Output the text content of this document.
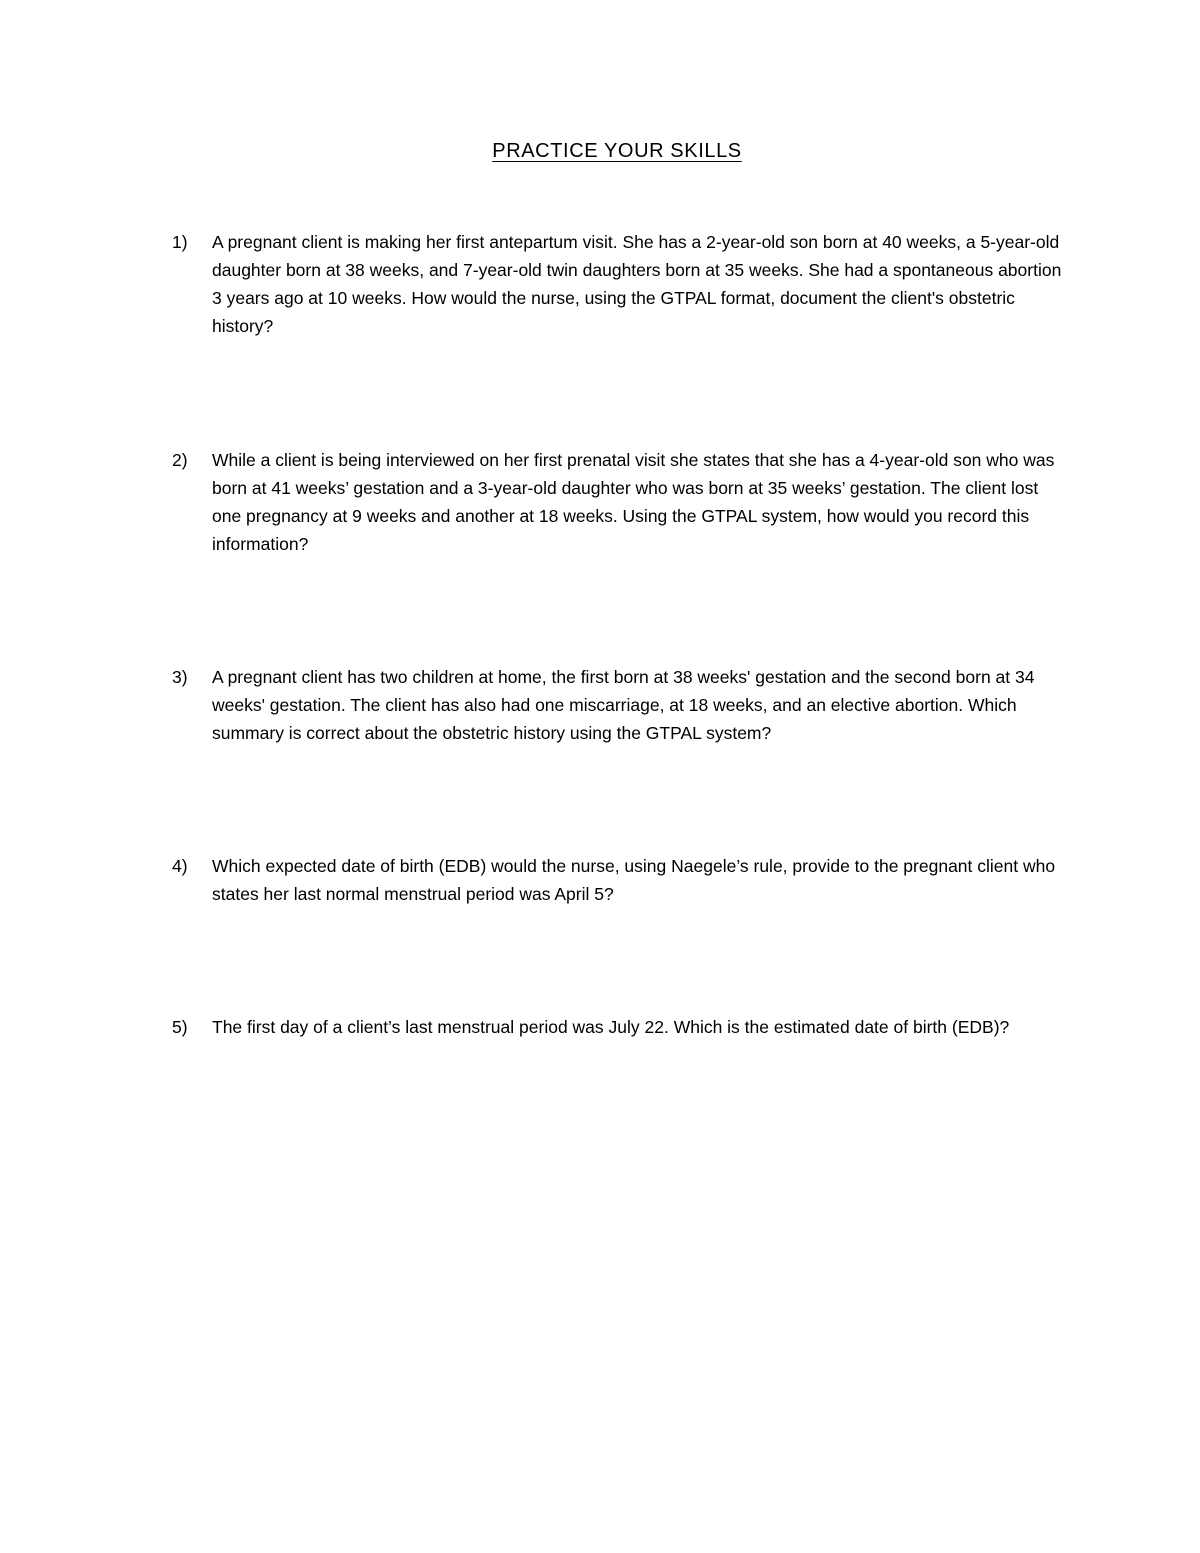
PRACTICE YOUR SKILLS
1) A pregnant client is making her first antepartum visit. She has a 2-year-old son born at 40 weeks, a 5-year-old daughter born at 38 weeks, and 7-year-old twin daughters born at 35 weeks. She had a spontaneous abortion 3 years ago at 10 weeks. How would the nurse, using the GTPAL format, document the client's obstetric history?
2) While a client is being interviewed on her first prenatal visit she states that she has a 4-year-old son who was born at 41 weeks’ gestation and a 3-year-old daughter who was born at 35 weeks’ gestation. The client lost one pregnancy at 9 weeks and another at 18 weeks. Using the GTPAL system, how would you record this information?
3) A pregnant client has two children at home, the first born at 38 weeks' gestation and the second born at 34 weeks' gestation. The client has also had one miscarriage, at 18 weeks, and an elective abortion. Which summary is correct about the obstetric history using the GTPAL system?
4) Which expected date of birth (EDB) would the nurse, using Naegele’s rule, provide to the pregnant client who states her last normal menstrual period was April 5?
5) The first day of a client’s last menstrual period was July 22. Which is the estimated date of birth (EDB)?
